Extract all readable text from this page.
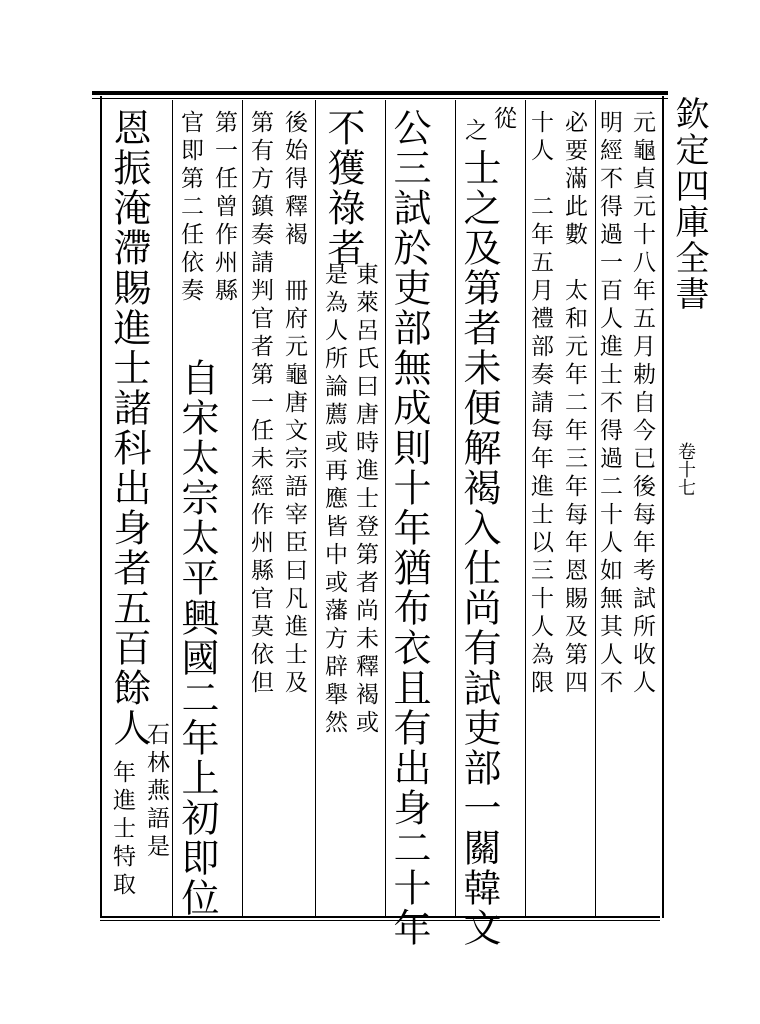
欽定四庫全書
卷十七
元龜貞元十八年五月勅自今已後每年考試所收人
明經不得過一百人進士不得過二十人如無其人不
必要滿此數　太和元年二年三年每年恩賜及第四
十人　二年五月禮部奏請每年進士以三十人為限
從
之
士之及第者未便解褐入仕尚有試吏部一關韓文
公三試於吏部無成則十年猶布衣且有出身二十年
不獲祿者
東萊呂氏曰唐時進士登第者尚未釋褐或
是為人所論薦或再應皆中或藩方辟舉然
後始得釋褐　冊府元龜唐文宗語宰臣曰凡進士及
第有方鎮奏請判官者第一任未經作州縣官莫依但
第一任曾作州縣
官即第二任依奏
自宋太宗太平興國二年上初即位
恩振淹滯賜進士諸科出身者五百餘人
石林燕語是
年進士特取
